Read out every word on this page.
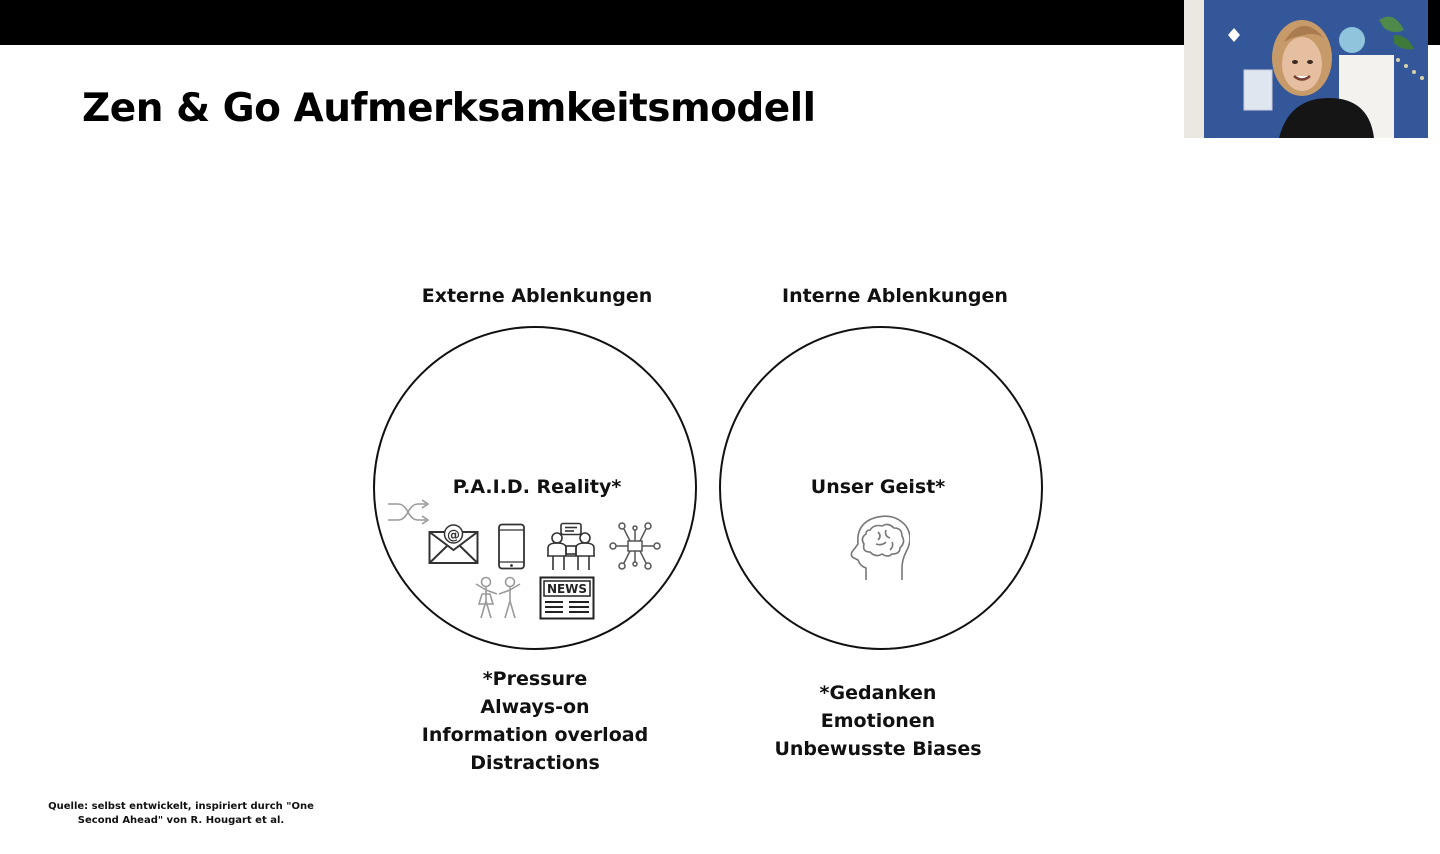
Zen & Go Aufmerksamkeitsmodell
Externe Ablenkungen
P.A.I.D. Reality*
@
NEWS
*Pressure
Always-on
Information overload
Distractions
Interne Ablenkungen
Unser Geist*
*Gedanken
Emotionen
Unbewusste Biases
Quelle: selbst entwickelt, inspiriert durch "One Second Ahead" von R. Hougart et al.
